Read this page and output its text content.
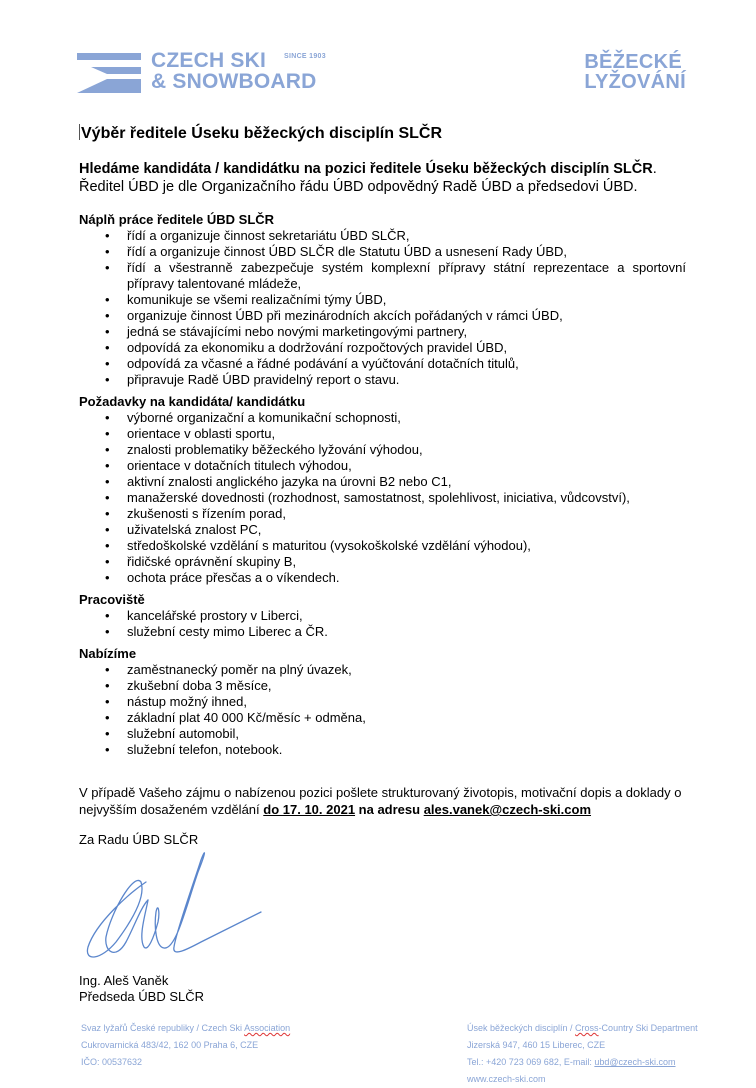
CZECH SKI
& SNOWBOARD
SINCE 1903	BĚŽECKÉ
LYŽOVÁNÍ
Výběr ředitele Úseku běžeckých disciplín SLČR
Hledáme kandidáta / kandidátku na pozici ředitele Úseku běžeckých disciplín SLČR.
Ředitel ÚBD je dle Organizačního řádu ÚBD odpovědný Radě ÚBD a předsedovi ÚBD.

Náplň práce ředitele ÚBD SLČR

• řídí a organizuje činnost sekretariátu ÚBD SLČR,
• řídí a organizuje činnost ÚBD SLČR dle Statutu ÚBD a usnesení Rady ÚBD,
• řídí a všestranně zabezpečuje systém komplexní přípravy státní reprezentace a sportovní přípravy talentované mládeže,
• komunikuje se všemi realizačními týmy ÚBD,
• organizuje činnost ÚBD při mezinárodních akcích pořádaných v rámci ÚBD,
• jedná se stávajícími nebo novými marketingovými partnery,
• odpovídá za ekonomiku a dodržování rozpočtových pravidel ÚBD,
• odpovídá za včasné a řádné podávání a vyúčtování dotačních titulů,
• připravuje Radě ÚBD pravidelný report o stavu.

Požadavky na kandidáta/ kandidátku

• výborné organizační a komunikační schopnosti,
• orientace v oblasti sportu,
• znalosti problematiky běžeckého lyžování výhodou,
• orientace v dotačních titulech výhodou,
• aktivní znalosti anglického jazyka na úrovni B2 nebo C1,
• manažerské dovednosti (rozhodnost, samostatnost, spolehlivost, iniciativa, vůdcovství),
• zkušenosti s řízením porad,
• uživatelská znalost PC,
• středoškolské vzdělání s maturitou (vysokoškolské vzdělání výhodou),
• řidičské oprávnění skupiny B,
• ochota práce přesčas a o víkendech.

Pracoviště

• kancelářské prostory v Liberci,
• služební cesty mimo Liberec a ČR.

Nabízíme

• zaměstnanecký poměr na plný úvazek,
• zkušební doba 3 měsíce,
• nástup možný ihned,
• základní plat 40 000 Kč/měsíc + odměna,
• služební automobil,
• služební telefon, notebook.
V případě Vašeho zájmu o nabízenou pozici pošlete strukturovaný životopis, motivační dopis a doklady o nejvyšším dosaženém vzdělání do 17. 10. 2021 na adresu ales.vanek@czech-ski.com
Za Radu ÚBD SLČR
Ing. Aleš Vaněk
Předseda ÚBD SLČR
Svaz lyžařů České republiky / Czech Ski Association
Cukrovarnická 483/42, 162 00 Praha 6, CZE
IČO: 00537632
Úsek běžeckých disciplín / Cross-Country Ski Department
Jizerská 947, 460 15 Liberec, CZE
Tel.: +420 723 069 682, E-mail: ubd@czech-ski.com
www.czech-ski.com
